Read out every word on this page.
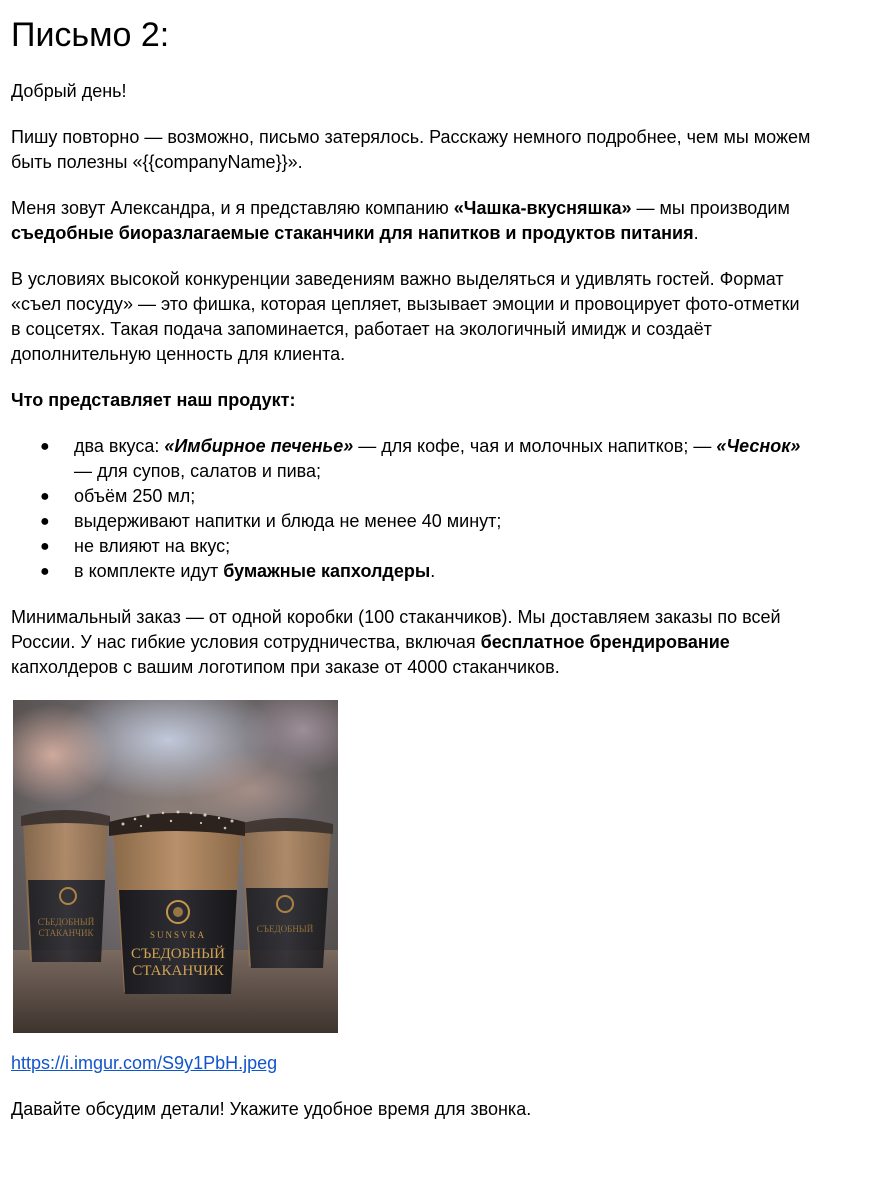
Письмо 2:

Добрый день!

Пишу повторно — возможно, письмо затерялось. Расскажу немного подробнее, чем мы можем быть полезны «{{companyName}}».

Меня зовут Александра, и я представляю компанию «Чашка-вкусняшка» — мы производим съедобные биоразлагаемые стаканчики для напитков и продуктов питания.

В условиях высокой конкуренции заведениям важно выделяться и удивлять гостей. Формат «съел посуду» — это фишка, которая цепляет, вызывает эмоции и провоцирует фото-отметки в соцсетях. Такая подача запоминается, работает на экологичный имидж и создаёт дополнительную ценность для клиента.

Что представляет наш продукт:

● два вкуса: «Имбирное печенье» — для кофе, чая и молочных напитков; — «Чеснок» — для супов, салатов и пива;
● объём 250 мл;
● выдерживают напитки и блюда не менее 40 минут;
● не влияют на вкус;
● в комплекте идут бумажные капхолдеры.

Минимальный заказ — от одной коробки (100 стаканчиков). Мы доставляем заказы по всей России. У нас гибкие условия сотрудничества, включая бесплатное брендирование капхолдеров с вашим логотипом при заказе от 4000 стаканчиков.

СЪЕДОБНЫЙ
СТАКАНЧИК	СЪЕДОБНЫЙ
SUNSVRA
СЪЕДОБНЫЙ
СТАКАНЧИК

https://i.imgur.com/S9y1PbH.jpeg

Давайте обсудим детали! Укажите удобное время для звонка.
